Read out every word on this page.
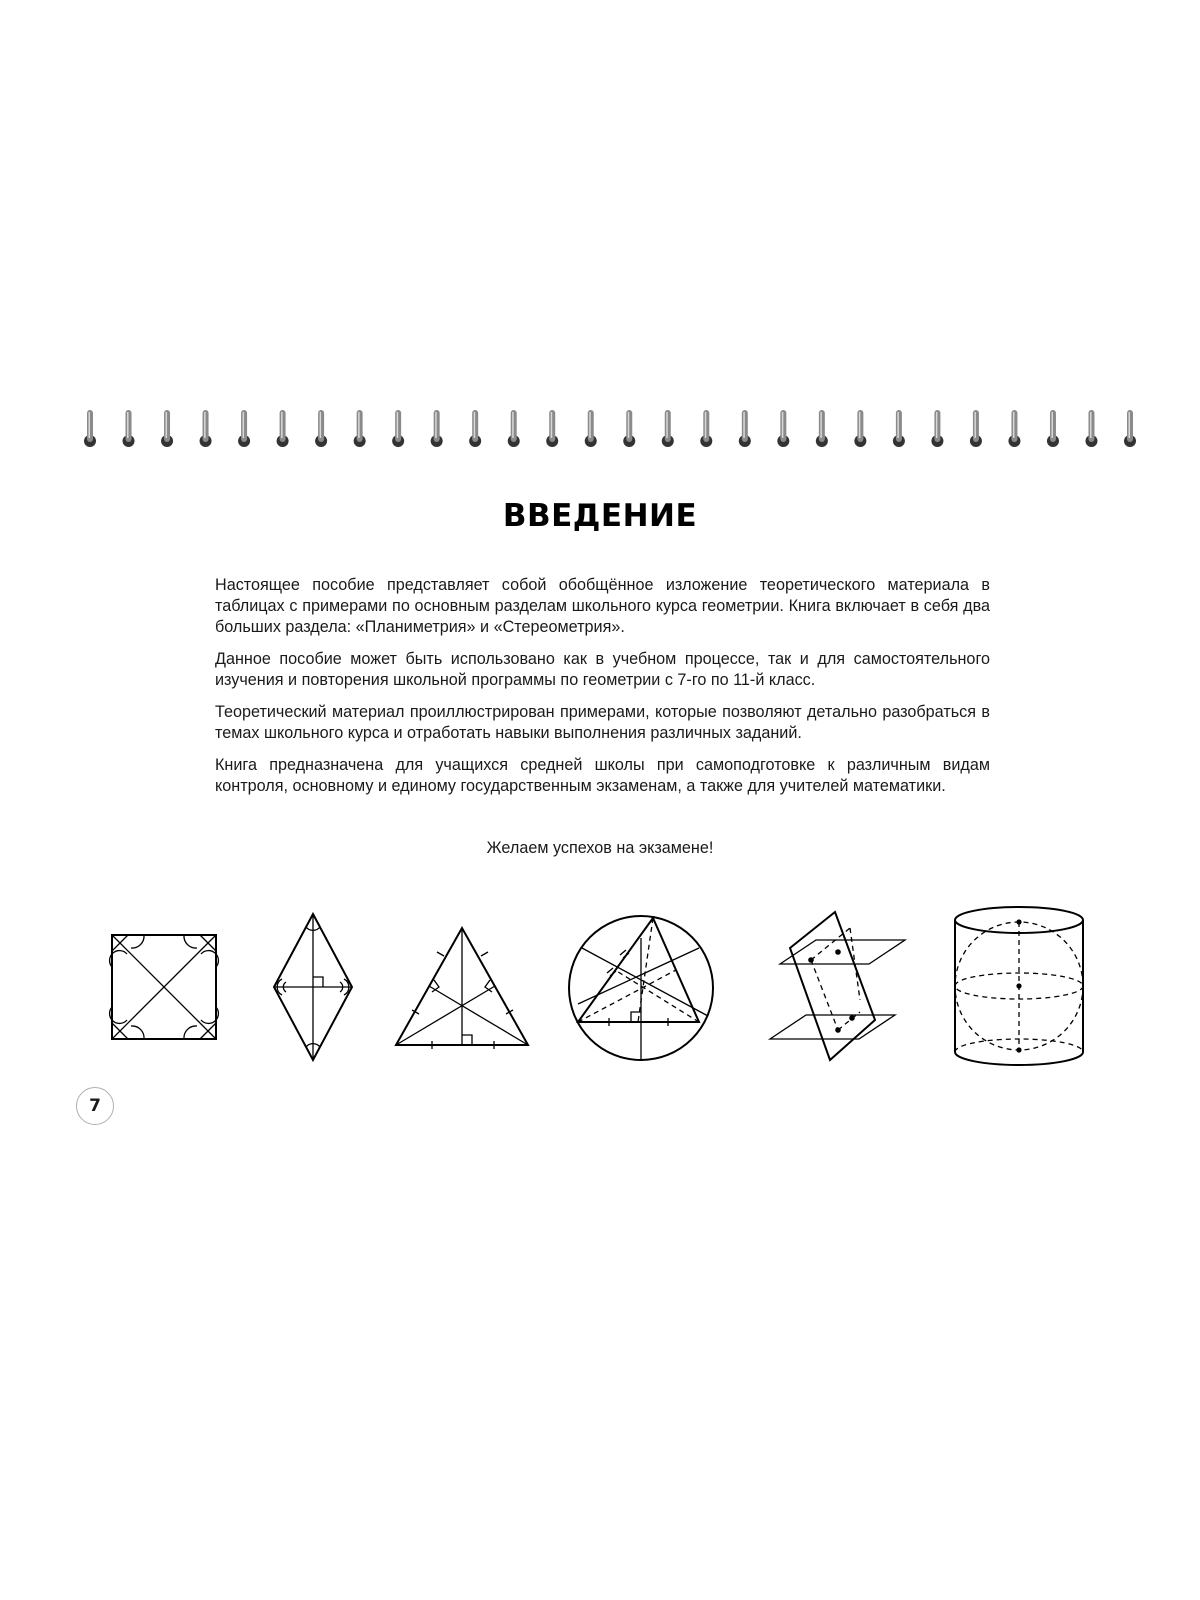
ВВЕДЕНИЕ

Настоящее пособие представляет собой обобщённое изложение теоретического материала в таблицах с примерами по основным разделам школьного курса геометрии. Книга включает в себя два больших раздела: «Планиметрия» и «Стереометрия».

Данное пособие может быть использовано как в учебном процессе, так и для самостоятельного изучения и повторения школьной программы по геометрии с 7-го по 11-й класс.

Теоретический материал проиллюстрирован примерами, которые позволяют детально разобраться в темах школьного курса и отработать навыки выполнения различных заданий.

Книга предназначена для учащихся средней школы при самоподготовке к различным видам контроля, основному и единому государственным экзаменам, а также для учителей математики.

Желаем успехов на экзамене!
7
